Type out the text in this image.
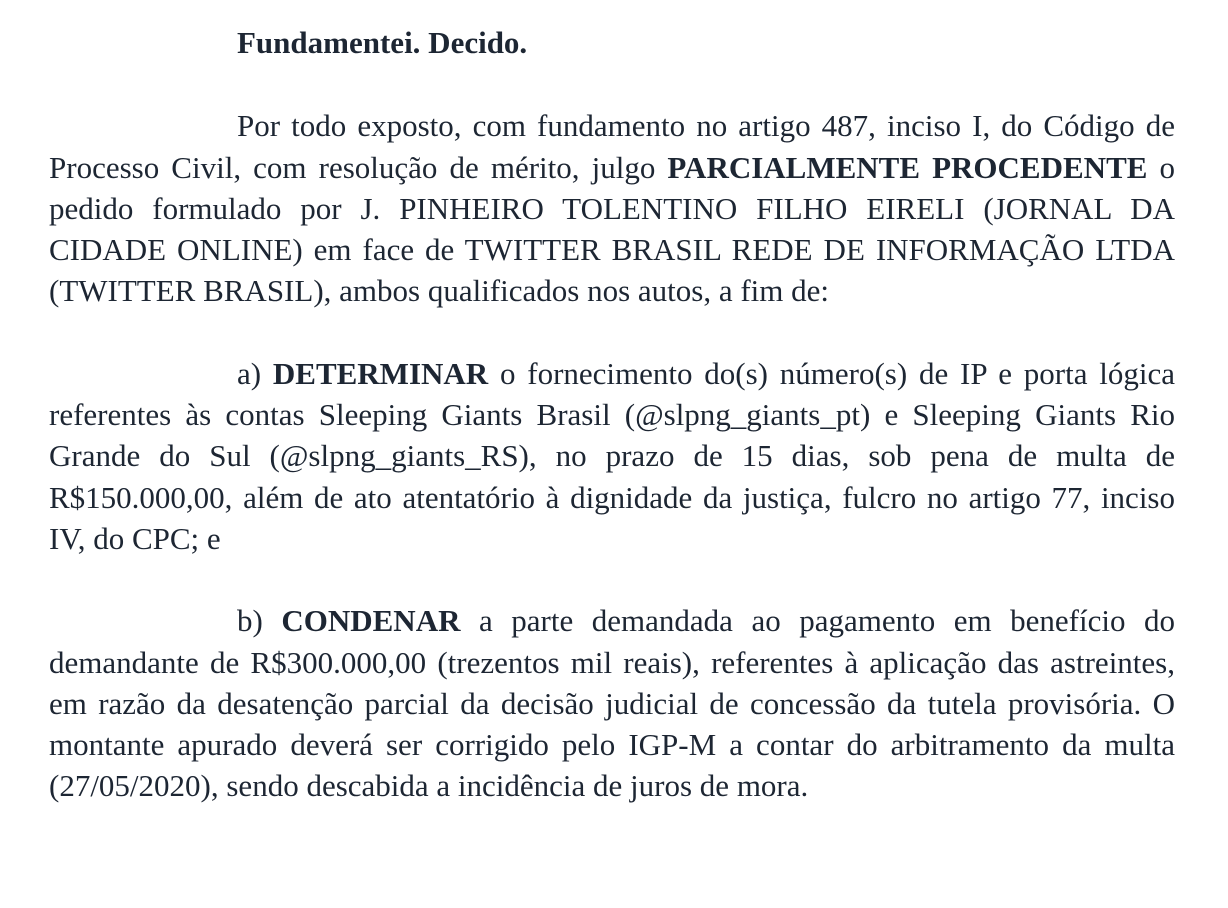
Fundamentei. Decido.

Por todo exposto, com fundamento no artigo 487, inciso I, do Código de Processo Civil, com resolução de mérito, julgo PARCIALMENTE PROCEDENTE o pedido formulado por J. PINHEIRO TOLENTINO FILHO EIRELI (JORNAL DA CIDADE ONLINE) em face de TWITTER BRASIL REDE DE INFORMAÇÃO LTDA (TWITTER BRASIL), ambos qualificados nos autos, a fim de:

a) DETERMINAR o fornecimento do(s) número(s) de IP e porta lógica referentes às contas Sleeping Giants Brasil (@slpng_giants_pt) e Sleeping Giants Rio Grande do Sul (@slpng_giants_RS), no prazo de 15 dias, sob pena de multa de R$150.000,00, além de ato atentatório à dignidade da justiça, fulcro no artigo 77, inciso IV, do CPC; e

b) CONDENAR a parte demandada ao pagamento em benefício do demandante de R$300.000,00 (trezentos mil reais), referentes à aplicação das astreintes, em razão da desatenção parcial da decisão judicial de concessão da tutela provisória. O montante apurado deverá ser corrigido pelo IGP-M a contar do arbitramento da multa (27/05/2020), sendo descabida a incidência de juros de mora.
